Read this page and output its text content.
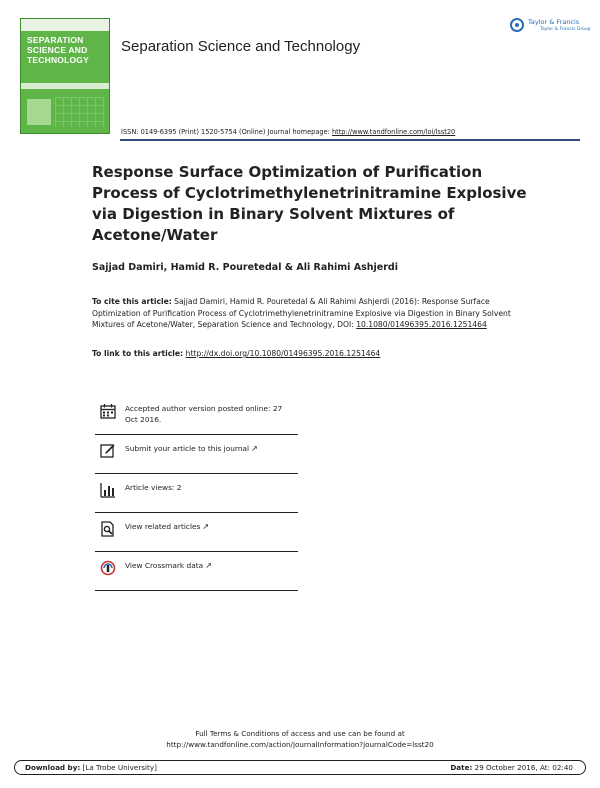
SEPARATION SCIENCE AND TECHNOLOGY
Separation Science and Technology
Taylor & Francis
Taylor & Francis Group
ISSN: 0149-6395 (Print) 1520-5754 (Online) Journal homepage: http://www.tandfonline.com/loi/lsst20
Response Surface Optimization of Purification Process of Cyclotrimethylenetrinitramine Explosive via Digestion in Binary Solvent Mixtures of Acetone/Water
Sajjad Damiri, Hamid R. Pouretedal & Ali Rahimi Ashjerdi
To cite this article: Sajjad Damiri, Hamid R. Pouretedal & Ali Rahimi Ashjerdi (2016): Response Surface Optimization of Purification Process of Cyclotrimethylenetrinitramine Explosive via Digestion in Binary Solvent Mixtures of Acetone/Water, Separation Science and Technology, DOI: 10.1080/01496395.2016.1251464
To link to this article: http://dx.doi.org/10.1080/01496395.2016.1251464
Accepted author version posted online: 27 Oct 2016.
Submit your article to this journal ↗
Article views: 2
View related articles ↗
View Crossmark data ↗
Full Terms & Conditions of access and use can be found at
http://www.tandfonline.com/action/journalInformation?journalCode=lsst20
Download by: [La Trobe University]	Date: 29 October 2016, At: 02:40
